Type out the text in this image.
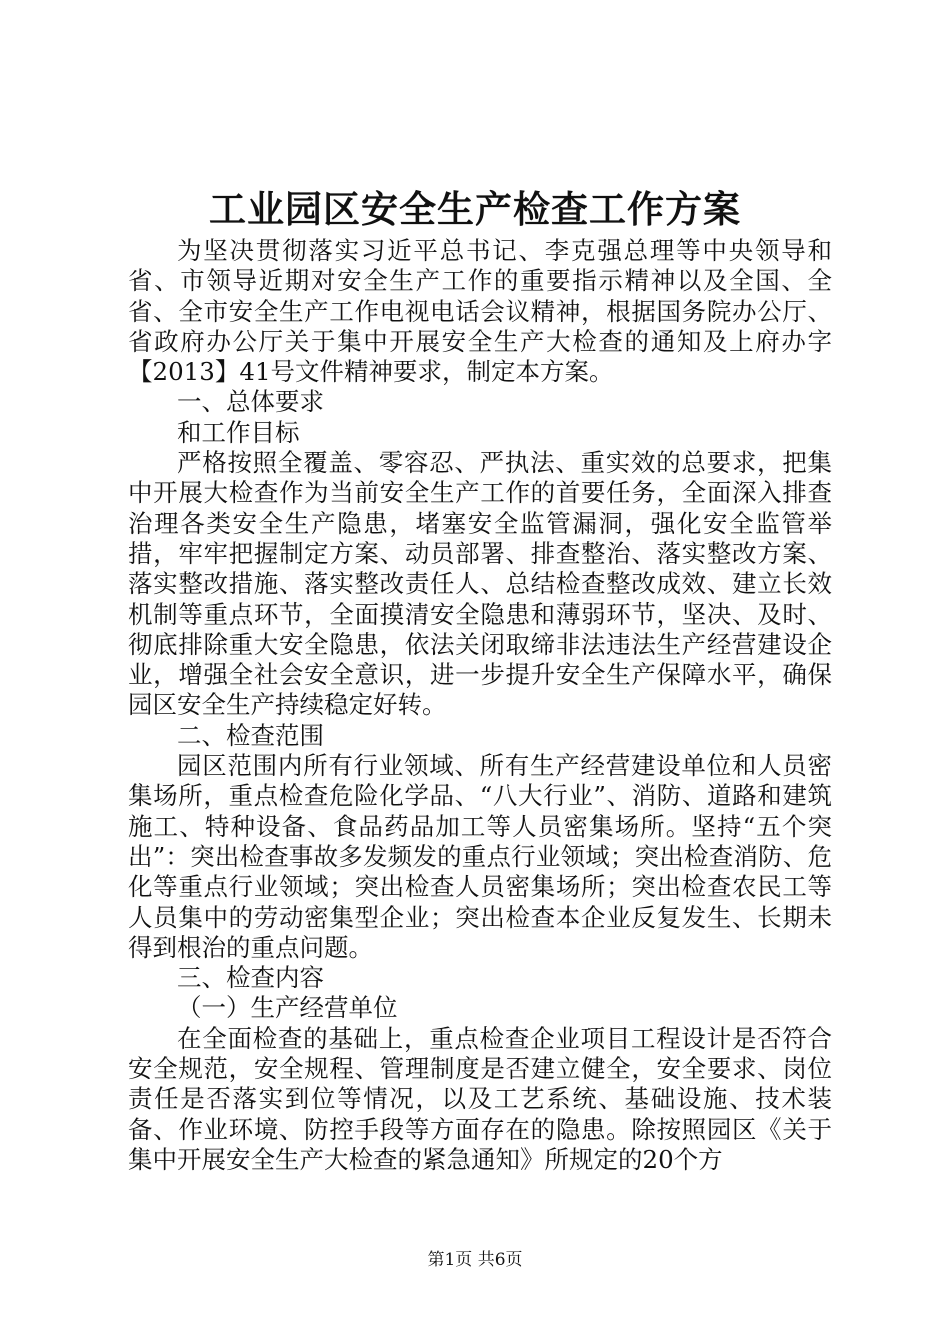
工业园区安全生产检查工作方案

为坚决贯彻落实习近平总书记、李克强总理等中央领导和省、市领导近期对安全生产工作的重要指示精神以及全国、全省、全市安全生产工作电视电话会议精神，根据国务院办公厅、省政府办公厅关于集中开展安全生产大检查的通知及上府办字【2013】41号文件精神要求，制定本方案。

一、总体要求

和工作目标

严格按照全覆盖、零容忍、严执法、重实效的总要求，把集中开展大检查作为当前安全生产工作的首要任务，全面深入排查治理各类安全生产隐患，堵塞安全监管漏洞，强化安全监管举措，牢牢把握制定方案、动员部署、排查整治、落实整改方案、落实整改措施、落实整改责任人、总结检查整改成效、建立长效机制等重点环节，全面摸清安全隐患和薄弱环节，坚决、及时、彻底排除重大安全隐患，依法关闭取缔非法违法生产经营建设企业，增强全社会安全意识，进一步提升安全生产保障水平，确保园区安全生产持续稳定好转。

二、检查范围

园区范围内所有行业领域、所有生产经营建设单位和人员密集场所，重点检查危险化学品、“八大行业”、消防、道路和建筑施工、特种设备、食品药品加工等人员密集场所。坚持“五个突出”：突出检查事故多发频发的重点行业领域；突出检查消防、危化等重点行业领域；突出检查人员密集场所；突出检查农民工等人员集中的劳动密集型企业；突出检查本企业反复发生、长期未得到根治的重点问题。

三、检查内容

（一）生产经营单位

在全面检查的基础上，重点检查企业项目工程设计是否符合安全规范，安全规程、管理制度是否建立健全，安全要求、岗位责任是否落实到位等情况，以及工艺系统、基础设施、技术装备、作业环境、防控手段等方面存在的隐患。除按照园区《关于集中开展安全生产大检查的紧急通知》所规定的20个方

第1页 共6页
